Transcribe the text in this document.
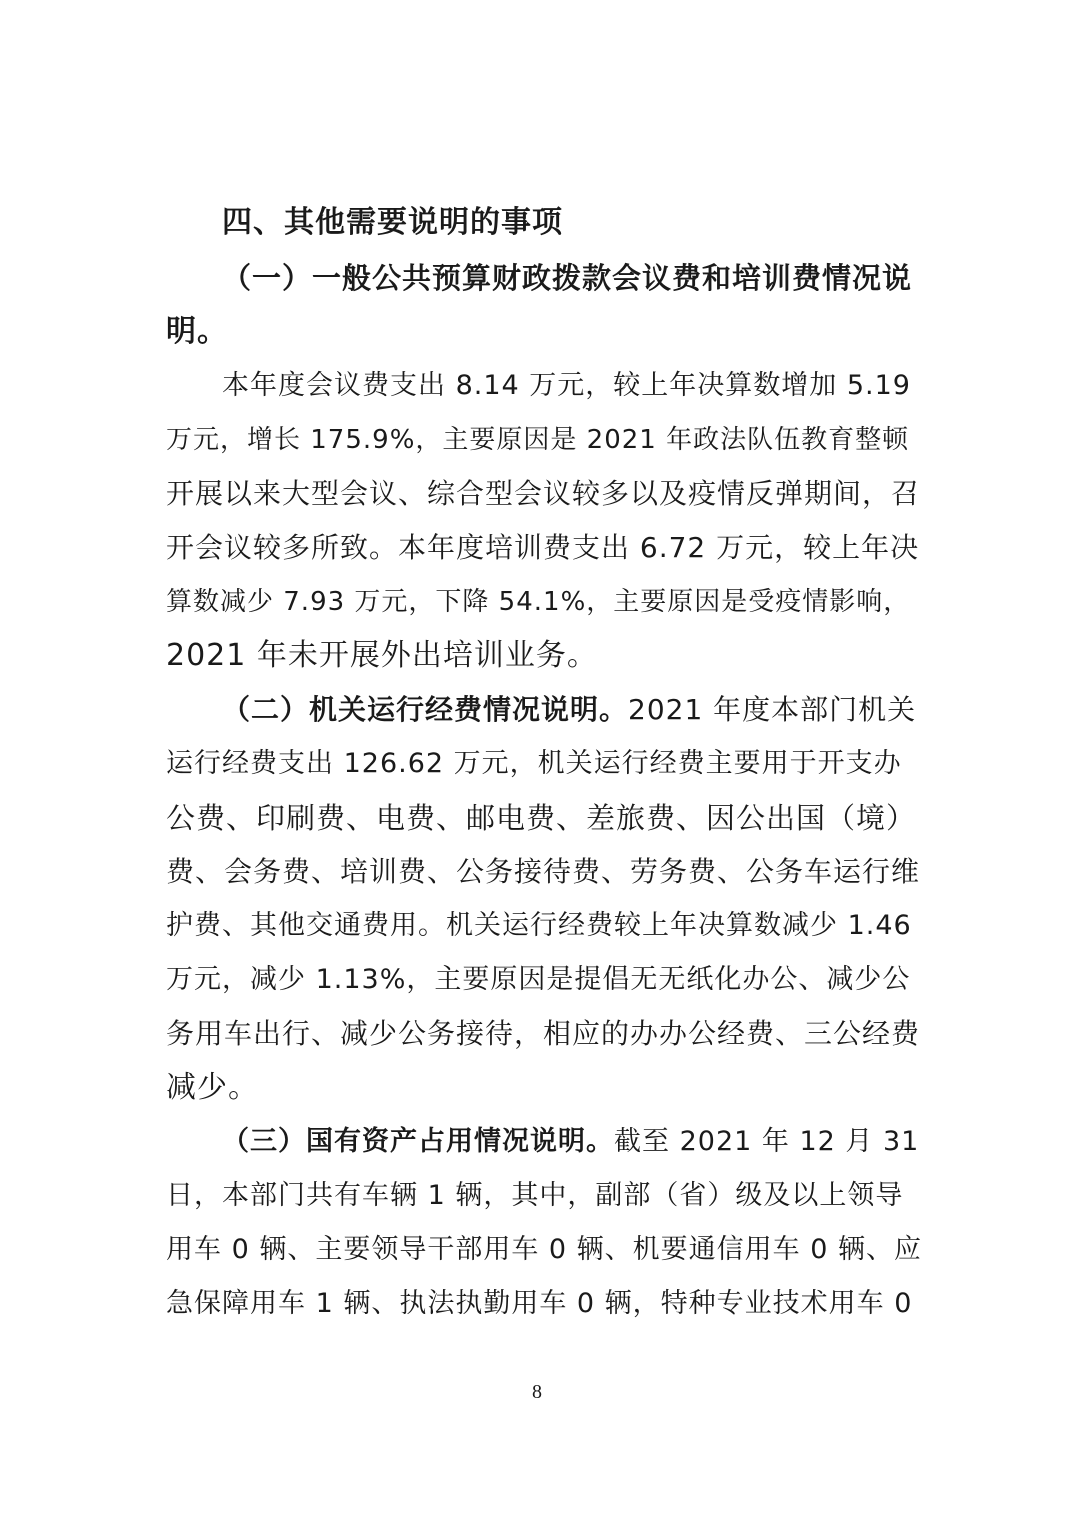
四、其他需要说明的事项
（一）一般公共预算财政拨款会议费和培训费情况说
明。
本年度会议费支出 8.14 万元，较上年决算数增加 5.19
万元，增长 175.9%，主要原因是 2021 年政法队伍教育整顿
开展以来大型会议、综合型会议较多以及疫情反弹期间，召
开会议较多所致。本年度培训费支出 6.72 万元，较上年决
算数减少 7.93 万元，下降 54.1%，主要原因是受疫情影响，
2021 年未开展外出培训业务。
（二）机关运行经费情况说明。2021 年度本部门机关
运行经费支出 126.62 万元，机关运行经费主要用于开支办
公费、印刷费、电费、邮电费、差旅费、因公出国（境）
费、会务费、培训费、公务接待费、劳务费、公务车运行维
护费、其他交通费用。机关运行经费较上年决算数减少 1.46
万元，减少 1.13%，主要原因是提倡无无纸化办公、减少公
务用车出行、减少公务接待，相应的办办公经费、三公经费
减少。
（三）国有资产占用情况说明。截至 2021 年 12 月 31
日，本部门共有车辆 1 辆，其中，副部（省）级及以上领导
用车 0 辆、主要领导干部用车 0 辆、机要通信用车 0 辆、应
急保障用车 1 辆、执法执勤用车 0 辆，特种专业技术用车 0
8
